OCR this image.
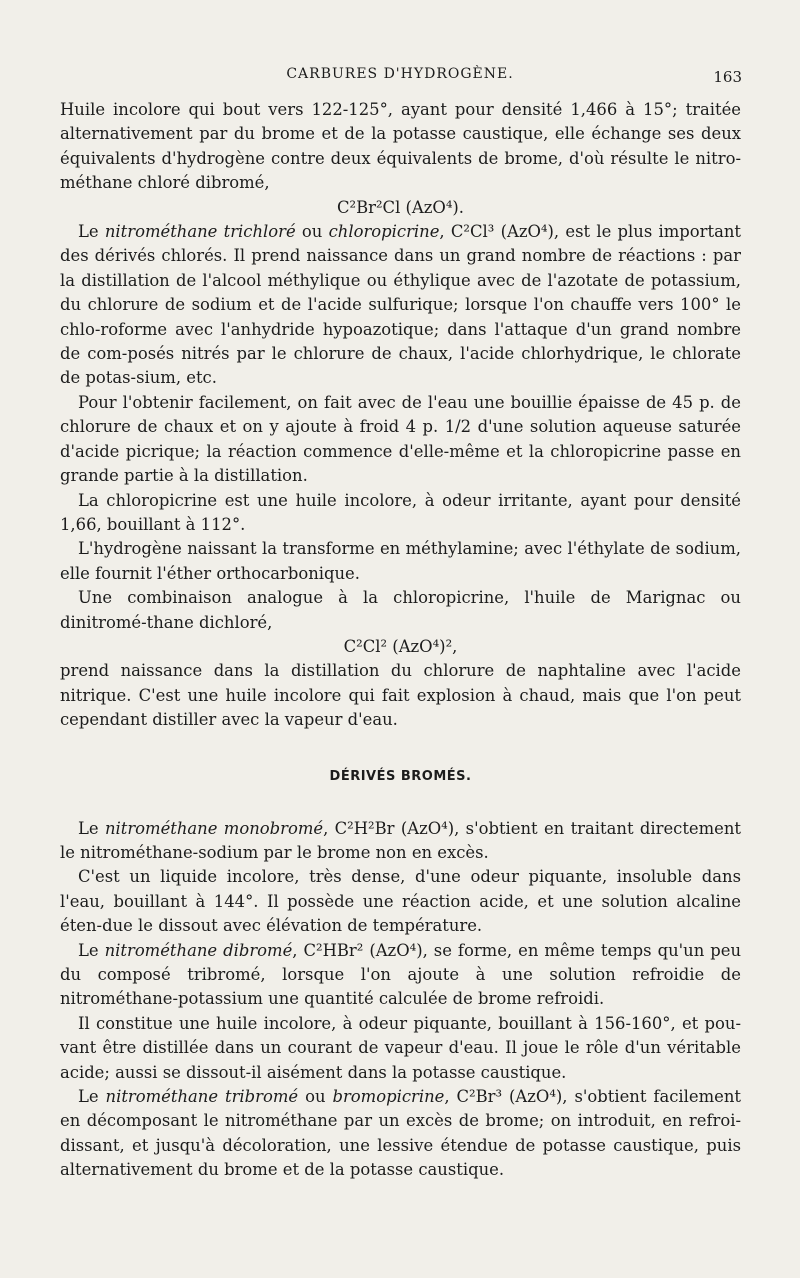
CARBURES D'HYDROGÈNE.	163

Huile incolore qui bout vers 122-125°, ayant pour densité 1,466 à 15°; traitée alternativement par du brome et de la potasse caustique, elle échange ses deux équivalents d'hydrogène contre deux équivalents de brome, d'où résulte le nitro-méthane chloré dibromé,

C²Br²Cl (AzO⁴).

Le nitrométhane trichloré ou chloropicrine, C²Cl³ (AzO⁴), est le plus important des dérivés chlorés. Il prend naissance dans un grand nombre de réactions : par la distillation de l'alcool méthylique ou éthylique avec de l'azotate de potassium, du chlorure de sodium et de l'acide sulfurique; lorsque l'on chauffe vers 100° le chlo-roforme avec l'anhydride hypoazotique; dans l'attaque d'un grand nombre de com-posés nitrés par le chlorure de chaux, l'acide chlorhydrique, le chlorate de potas-sium, etc.

Pour l'obtenir facilement, on fait avec de l'eau une bouillie épaisse de 45 p. de chlorure de chaux et on y ajoute à froid 4 p. 1/2 d'une solution aqueuse saturée d'acide picrique; la réaction commence d'elle-même et la chloropicrine passe en grande partie à la distillation.

La chloropicrine est une huile incolore, à odeur irritante, ayant pour densité 1,66, bouillant à 112°.

L'hydrogène naissant la transforme en méthylamine; avec l'éthylate de sodium, elle fournit l'éther orthocarbonique.

Une combinaison analogue à la chloropicrine, l'huile de Marignac ou dinitromé-thane dichloré,

C²Cl² (AzO⁴)²,

prend naissance dans la distillation du chlorure de naphtaline avec l'acide nitrique. C'est une huile incolore qui fait explosion à chaud, mais que l'on peut cependant distiller avec la vapeur d'eau.

DÉRIVÉS BROMÉS.

Le nitrométhane monobromé, C²H²Br (AzO⁴), s'obtient en traitant directement le nitrométhane-sodium par le brome non en excès.

C'est un liquide incolore, très dense, d'une odeur piquante, insoluble dans l'eau, bouillant à 144°. Il possède une réaction acide, et une solution alcaline éten-due le dissout avec élévation de température.

Le nitrométhane dibromé, C²HBr² (AzO⁴), se forme, en même temps qu'un peu du composé tribromé, lorsque l'on ajoute à une solution refroidie de nitrométhane-potassium une quantité calculée de brome refroidi.

Il constitue une huile incolore, à odeur piquante, bouillant à 156-160°, et pou-vant être distillée dans un courant de vapeur d'eau. Il joue le rôle d'un véritable acide; aussi se dissout-il aisément dans la potasse caustique.

Le nitrométhane tribromé ou bromopicrine, C²Br³ (AzO⁴), s'obtient facilement en décomposant le nitrométhane par un excès de brome; on introduit, en refroi-dissant, et jusqu'à décoloration, une lessive étendue de potasse caustique, puis alternativement du brome et de la potasse caustique.
